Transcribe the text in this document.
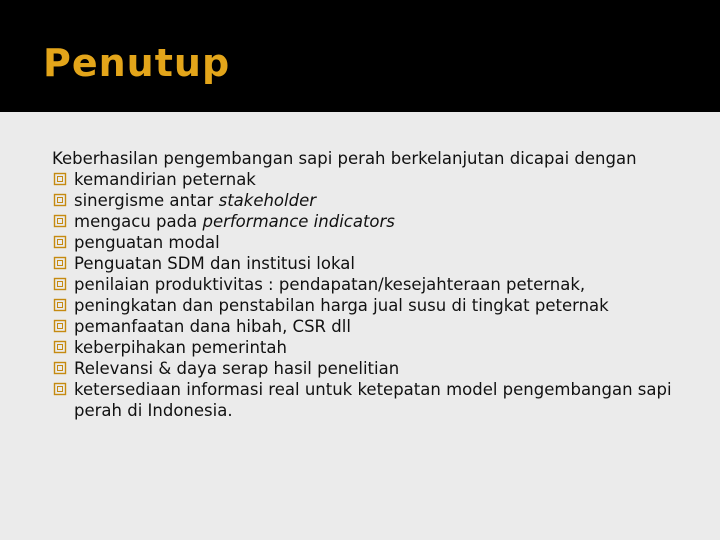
Penutup

Keberhasilan pengembangan sapi perah berkelanjutan dicapai dengan

kemandirian peternak
sinergisme antar stakeholder
mengacu pada performance indicators
penguatan modal
Penguatan SDM dan institusi lokal
penilaian produktivitas : pendapatan/kesejahteraan peternak,
peningkatan dan penstabilan harga jual susu di tingkat peternak
pemanfaatan dana hibah, CSR dll
keberpihakan pemerintah
Relevansi & daya serap hasil penelitian
ketersediaan informasi real untuk ketepatan model pengembangan sapi perah di Indonesia.
